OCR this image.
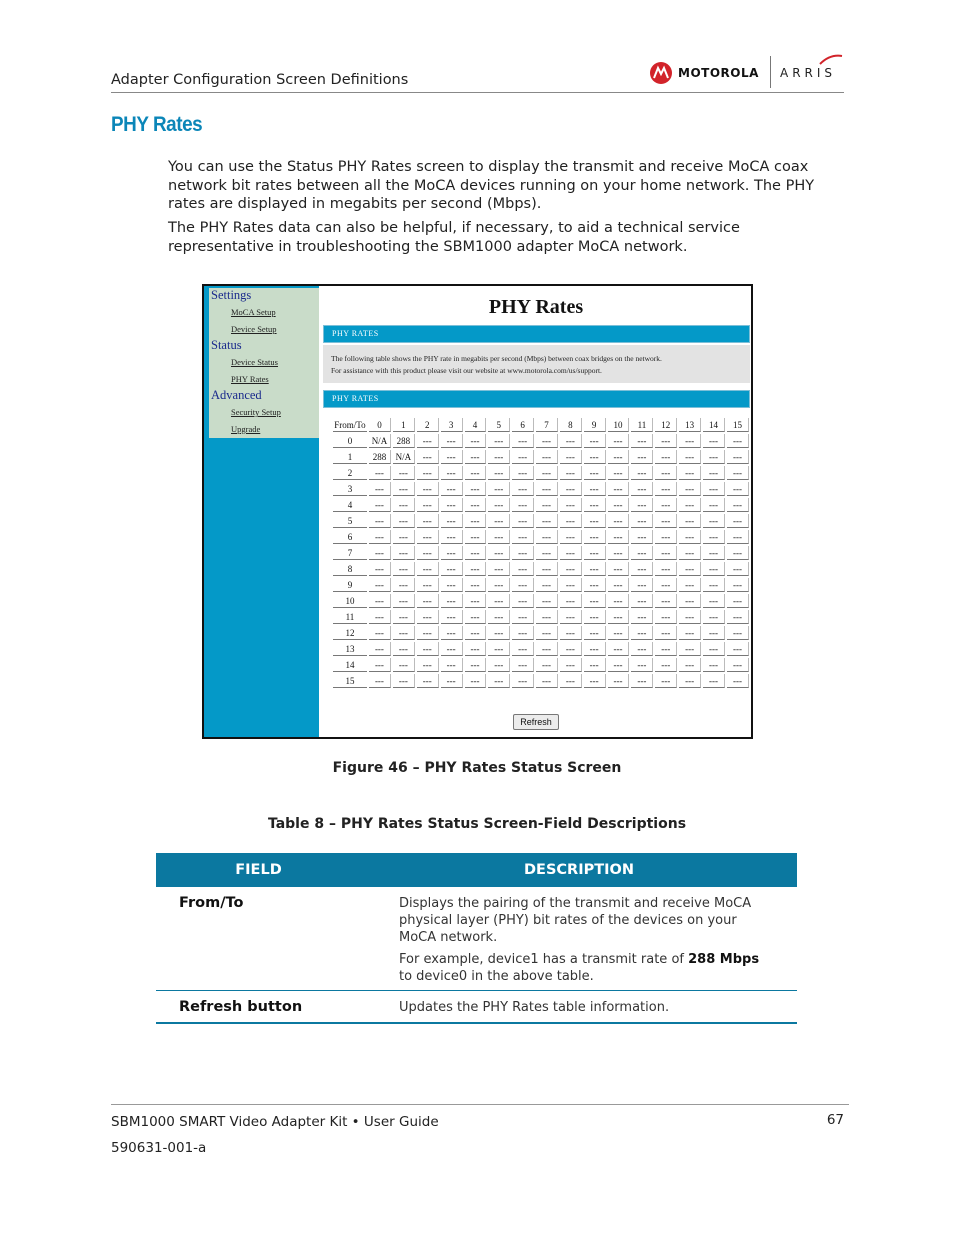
Adapter Configuration Screen Definitions	MOTOROLA ARRIS
PHY Rates
You can use the Status PHY Rates screen to display the transmit and receive MoCA coax network bit rates between all the MoCA devices running on your home network. The PHY rates are displayed in megabits per second (Mbps).
The PHY Rates data can also be helpful, if necessary, to aid a technical service representative in troubleshooting the SBM1000 adapter MoCA network.
Settings
MoCA Setup
Device Setup
Status
Device Status
PHY Rates
Advanced
Security Setup
Upgrade
PHY Rates
PHY RATES
The following table shows the PHY rate in megabits per second (Mbps) between coax bridges on the network.
For assistance with this product please visit our website at www.motorola.com/us/support.
PHY RATES
From/To	0	1	2	3	4	5	6	7	8	9	10	11	12	13	14	15
0	N/A	288	---	---	---	---	---	---	---	---	---	---	---	---	---	---
1	288	N/A	---	---	---	---	---	---	---	---	---	---	---	---	---	---
2	---	---	---	---	---	---	---	---	---	---	---	---	---	---	---	---
3	---	---	---	---	---	---	---	---	---	---	---	---	---	---	---	---
4	---	---	---	---	---	---	---	---	---	---	---	---	---	---	---	---
5	---	---	---	---	---	---	---	---	---	---	---	---	---	---	---	---
6	---	---	---	---	---	---	---	---	---	---	---	---	---	---	---	---
7	---	---	---	---	---	---	---	---	---	---	---	---	---	---	---	---
8	---	---	---	---	---	---	---	---	---	---	---	---	---	---	---	---
9	---	---	---	---	---	---	---	---	---	---	---	---	---	---	---	---
10	---	---	---	---	---	---	---	---	---	---	---	---	---	---	---	---
11	---	---	---	---	---	---	---	---	---	---	---	---	---	---	---	---
12	---	---	---	---	---	---	---	---	---	---	---	---	---	---	---	---
13	---	---	---	---	---	---	---	---	---	---	---	---	---	---	---	---
14	---	---	---	---	---	---	---	---	---	---	---	---	---	---	---	---
15	---	---	---	---	---	---	---	---	---	---	---	---	---	---	---	---
Refresh
Figure 46 – PHY Rates Status Screen
Table 8 – PHY Rates Status Screen-Field Descriptions
FIELD	DESCRIPTION
From/To	Displays the pairing of the transmit and receive MoCA physical layer (PHY) bit rates of the devices on your MoCA network.
For example, device1 has a transmit rate of 288 Mbps to device0 in the above table.
Refresh button	Updates the PHY Rates table information.
SBM1000 SMART Video Adapter Kit • User Guide
590631-001-a
67
